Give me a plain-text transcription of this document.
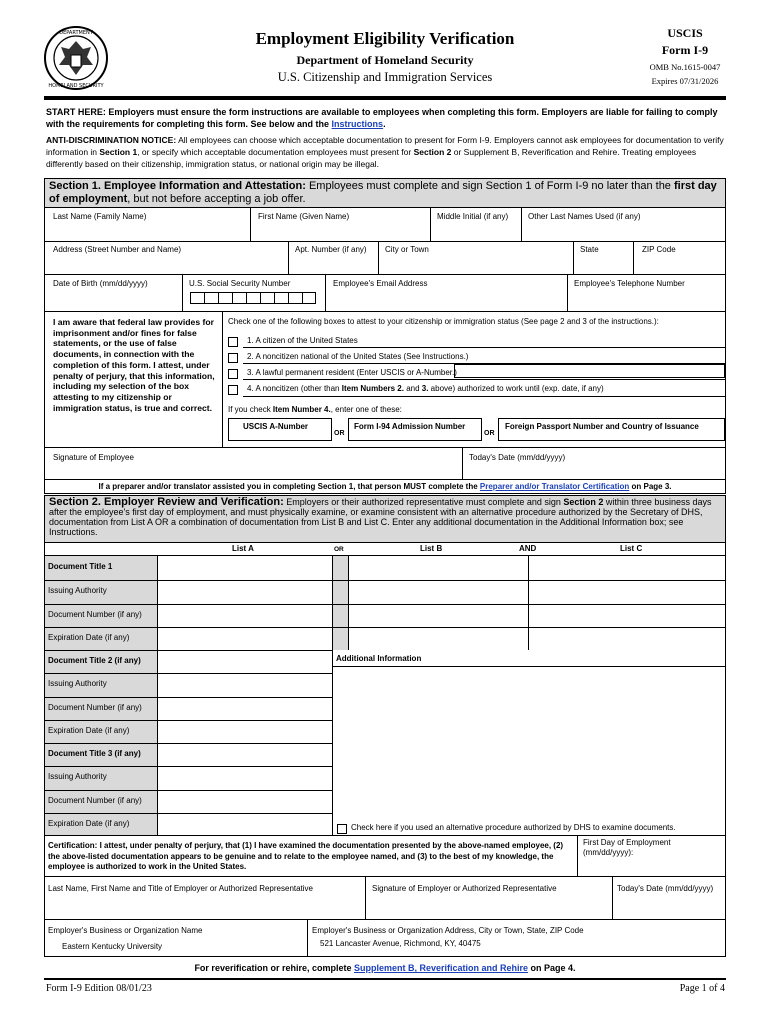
DEPARTMENT
HOMELAND SECURITY
Employment Eligibility Verification
Department of Homeland Security
U.S. Citizenship and Immigration Services
USCIS
Form I-9
OMB No.1615-0047
Expires 07/31/2026
START HERE: Employers must ensure the form instructions are available to employees when completing this form. Employers are liable for failing to comply with the requirements for completing this form. See below and the Instructions.
ANTI-DISCRIMINATION NOTICE: All employees can choose which acceptable documentation to present for Form I-9. Employers cannot ask employees for documentation to verify information in Section 1, or specify which acceptable documentation employees must present for Section 2 or Supplement B, Reverification and Rehire. Treating employees differently based on their citizenship, immigration status, or national origin may be illegal.
Section 1. Employee Information and Attestation: Employees must complete and sign Section 1 of Form I-9 no later than the first day of employment, but not before accepting a job offer.
Last Name (Family Name)	First Name (Given Name)	Middle Initial (if any) Other Last Names Used (if any)
Address (Street Number and Name)	Apt. Number (if any) City or Town	State	ZIP Code
Date of Birth (mm/dd/yyyy)	U.S. Social Security Number	Employee's Email Address	Employee's Telephone Number
I am aware that federal law provides for imprisonment and/or fines for false statements, or the use of false documents, in connection with the completion of this form. I attest, under penalty of perjury, that this information, including my selection of the box attesting to my citizenship or immigration status, is true and correct.
Check one of the following boxes to attest to your citizenship or immigration status (See page 2 and 3 of the instructions.):
1. A citizen of the United States
2. A noncitizen national of the United States (See Instructions.)
3. A lawful permanent resident (Enter USCIS or A-Number.)
4. A noncitizen (other than Item Numbers 2. and 3. above) authorized to work until (exp. date, if any)
If you check Item Number 4., enter one of these:
USCIS A-Number
OR
Form I-94 Admission Number
OR
Foreign Passport Number and Country of Issuance
Signature of Employee	Today's Date (mm/dd/yyyy)
If a preparer and/or translator assisted you in completing Section 1, that person MUST complete the Preparer and/or Translator Certification on Page 3.
Section 2. Employer Review and Verification: Employers or their authorized representative must complete and sign Section 2 within three business days after the employee's first day of employment, and must physically examine, or examine consistent with an alternative procedure authorized by the Secretary of DHS, documentation from List A OR a combination of documentation from List B and List C. Enter any additional documentation in the Additional Information box; see Instructions.
List A	OR	List B	AND	List C
Document Title 1
Issuing Authority
Document Number (if any)
Expiration Date (if any)
Document Title 2 (if any)
Issuing Authority
Document Number (if any)
Expiration Date (if any)
Document Title 3 (if any)
Issuing Authority
Document Number (if any)
Expiration Date (if any)
Additional Information
Check here if you used an alternative procedure authorized by DHS to examine documents.
Certification: I attest, under penalty of perjury, that (1) I have examined the documentation presented by the above-named employee, (2) the above-listed documentation appears to be genuine and to relate to the employee named, and (3) to the best of my knowledge, the employee is authorized to work in the United States.
First Day of Employment (mm/dd/yyyy):
Last Name, First Name and Title of Employer or Authorized Representative	Signature of Employer or Authorized Representative	Today's Date (mm/dd/yyyy)
Employer's Business or Organization Name
Eastern Kentucky University
Employer's Business or Organization Address, City or Town, State, ZIP Code
521 Lancaster Avenue, Richmond, KY, 40475
For reverification or rehire, complete Supplement B, Reverification and Rehire on Page 4.
Form I-9 Edition 08/01/23	Page 1 of 4
